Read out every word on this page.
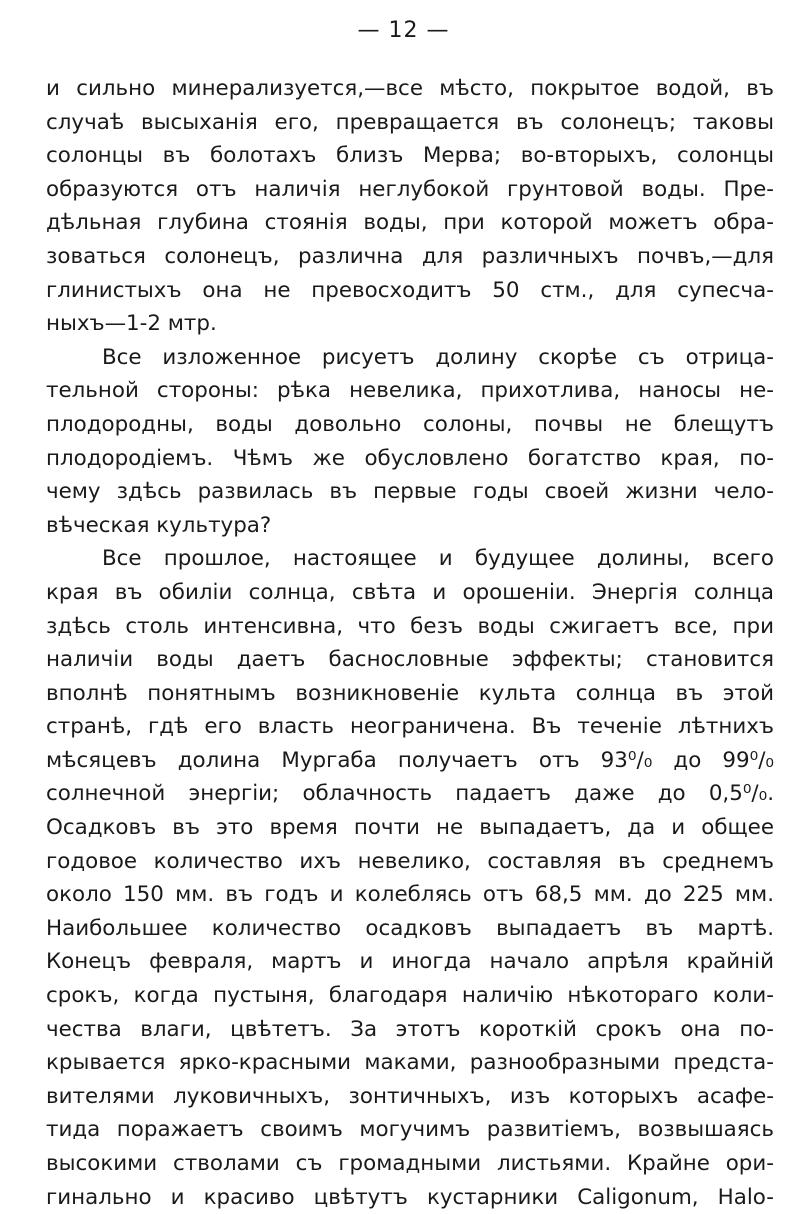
— 12 —
и сильно минерализуется,—все мѣсто, покрытое водой, въ
случаѣ высыханія его, превращается въ солонецъ; таковы
солонцы въ болотахъ близъ Мерва; во-вторыхъ, солонцы
образуются отъ наличія неглубокой грунтовой воды. Пре-
дѣльная глубина стоянія воды, при которой можетъ обра-
зоваться солонецъ, различна для различныхъ почвъ,—для
глинистыхъ она не превосходитъ 50 стм., для супесча-
ныхъ—1-2 мтр.
Все изложенное рисуетъ долину скорѣе съ отрица-
тельной стороны: рѣка невелика, прихотлива, наносы не-
плодородны, воды довольно солоны, почвы не блещутъ
плодородіемъ. Чѣмъ же обусловлено богатство края, по-
чему здѣсь развилась въ первые годы своей жизни чело-
вѣческая культура?
Все прошлое, настоящее и будущее долины, всего
края въ обиліи солнца, свѣта и орошеніи. Энергія солнца
здѣсь столь интенсивна, что безъ воды сжигаетъ все, при
наличіи воды даетъ баснословные эффекты; становится
вполнѣ понятнымъ возникновеніе культа солнца въ этой
странѣ, гдѣ его власть неограничена. Въ теченіе лѣтнихъ
мѣсяцевъ долина Мургаба получаетъ отъ 93⁰/₀ до 99⁰/₀
солнечной энергіи; облачность падаетъ даже до 0,5⁰/₀.
Осадковъ въ это время почти не выпадаетъ, да и общее
годовое количество ихъ невелико, составляя въ среднемъ
около 150 мм. въ годъ и колеблясь отъ 68,5 мм. до 225 мм.
Наибольшее количество осадковъ выпадаетъ въ мартѣ.
Конецъ февраля, мартъ и иногда начало апрѣля крайній
срокъ, когда пустыня, благодаря наличію нѣкотораго коли-
чества влаги, цвѣтетъ. За этотъ короткій срокъ она по-
крывается ярко-красными маками, разнообразными предста-
вителями луковичныхъ, зонтичныхъ, изъ которыхъ асафе-
тида поражаетъ своимъ могучимъ развитіемъ, возвышаясь
высокими стволами съ громадными листьями. Крайне ори-
гинально и красиво цвѣтутъ кустарники Caligonum, Halo-
